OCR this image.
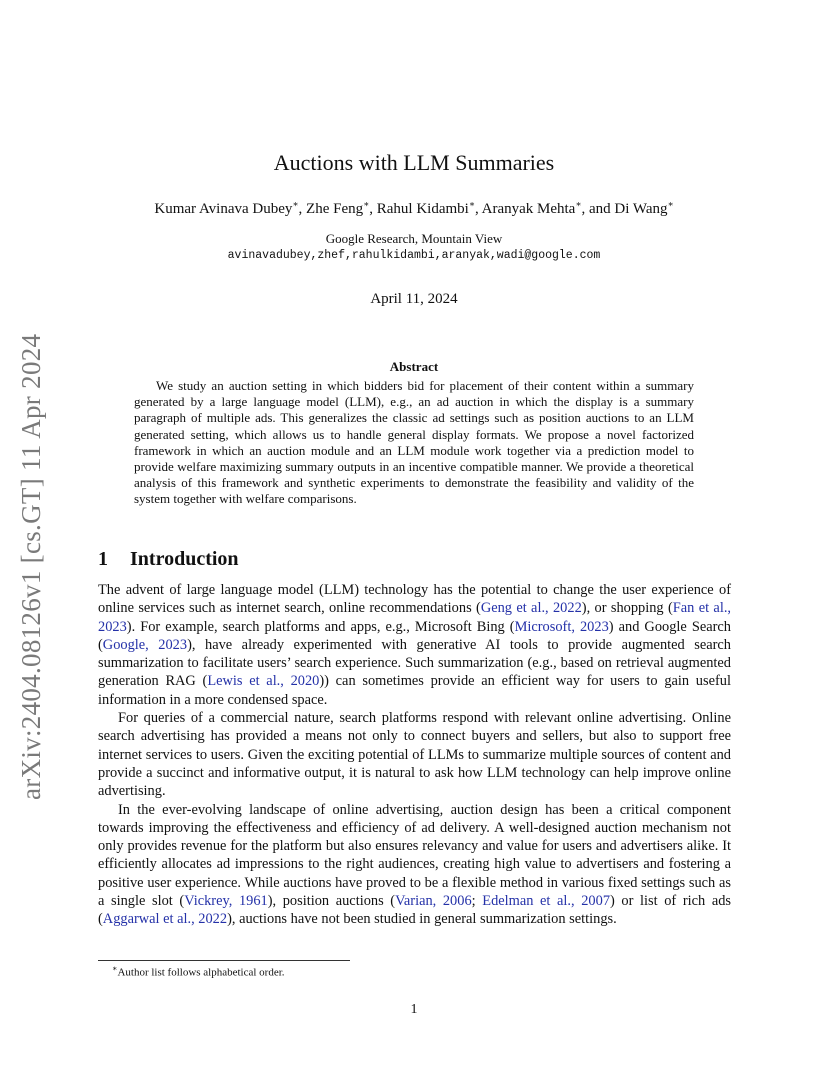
arXiv:2404.08126v1 [cs.GT] 11 Apr 2024
Auctions with LLM Summaries
Kumar Avinava Dubey∗, Zhe Feng∗, Rahul Kidambi∗, Aranyak Mehta∗, and Di Wang∗
Google Research, Mountain View
avinavadubey,zhef,rahulkidambi,aranyak,wadi@google.com
April 11, 2024
Abstract
We study an auction setting in which bidders bid for placement of their content within a summary generated by a large language model (LLM), e.g., an ad auction in which the display is a summary paragraph of multiple ads. This generalizes the classic ad settings such as position auctions to an LLM generated setting, which allows us to handle general display formats. We propose a novel factorized framework in which an auction module and an LLM module work together via a prediction model to provide welfare maximizing summary outputs in an incentive compatible manner. We provide a theoretical analysis of this framework and synthetic experiments to demonstrate the feasibility and validity of the system together with welfare comparisons.
1 Introduction

The advent of large language model (LLM) technology has the potential to change the user experience of online services such as internet search, online recommendations (Geng et al., 2022), or shopping (Fan et al., 2023). For example, search platforms and apps, e.g., Microsoft Bing (Microsoft, 2023) and Google Search (Google, 2023), have already experimented with generative AI tools to provide augmented search summarization to facilitate users’ search experience. Such summarization (e.g., based on retrieval augmented generation RAG (Lewis et al., 2020)) can sometimes provide an efficient way for users to gain useful information in a more condensed space.

For queries of a commercial nature, search platforms respond with relevant online advertising. Online search advertising has provided a means not only to connect buyers and sellers, but also to support free internet services to users. Given the exciting potential of LLMs to summarize multiple sources of content and provide a succinct and informative output, it is natural to ask how LLM technology can help improve online advertising.

In the ever-evolving landscape of online advertising, auction design has been a critical component towards improving the effectiveness and efficiency of ad delivery. A well-designed auction mechanism not only provides revenue for the platform but also ensures relevancy and value for users and advertisers alike. It efficiently allocates ad impressions to the right audiences, creating high value to advertisers and fostering a positive user experience. While auctions have proved to be a flexible method in various fixed settings such as a single slot (Vickrey, 1961), position auctions (Varian, 2006; Edelman et al., 2007) or list of rich ads (Aggarwal et al., 2022), auctions have not been studied in general summarization settings.

∗Author list follows alphabetical order.
1
